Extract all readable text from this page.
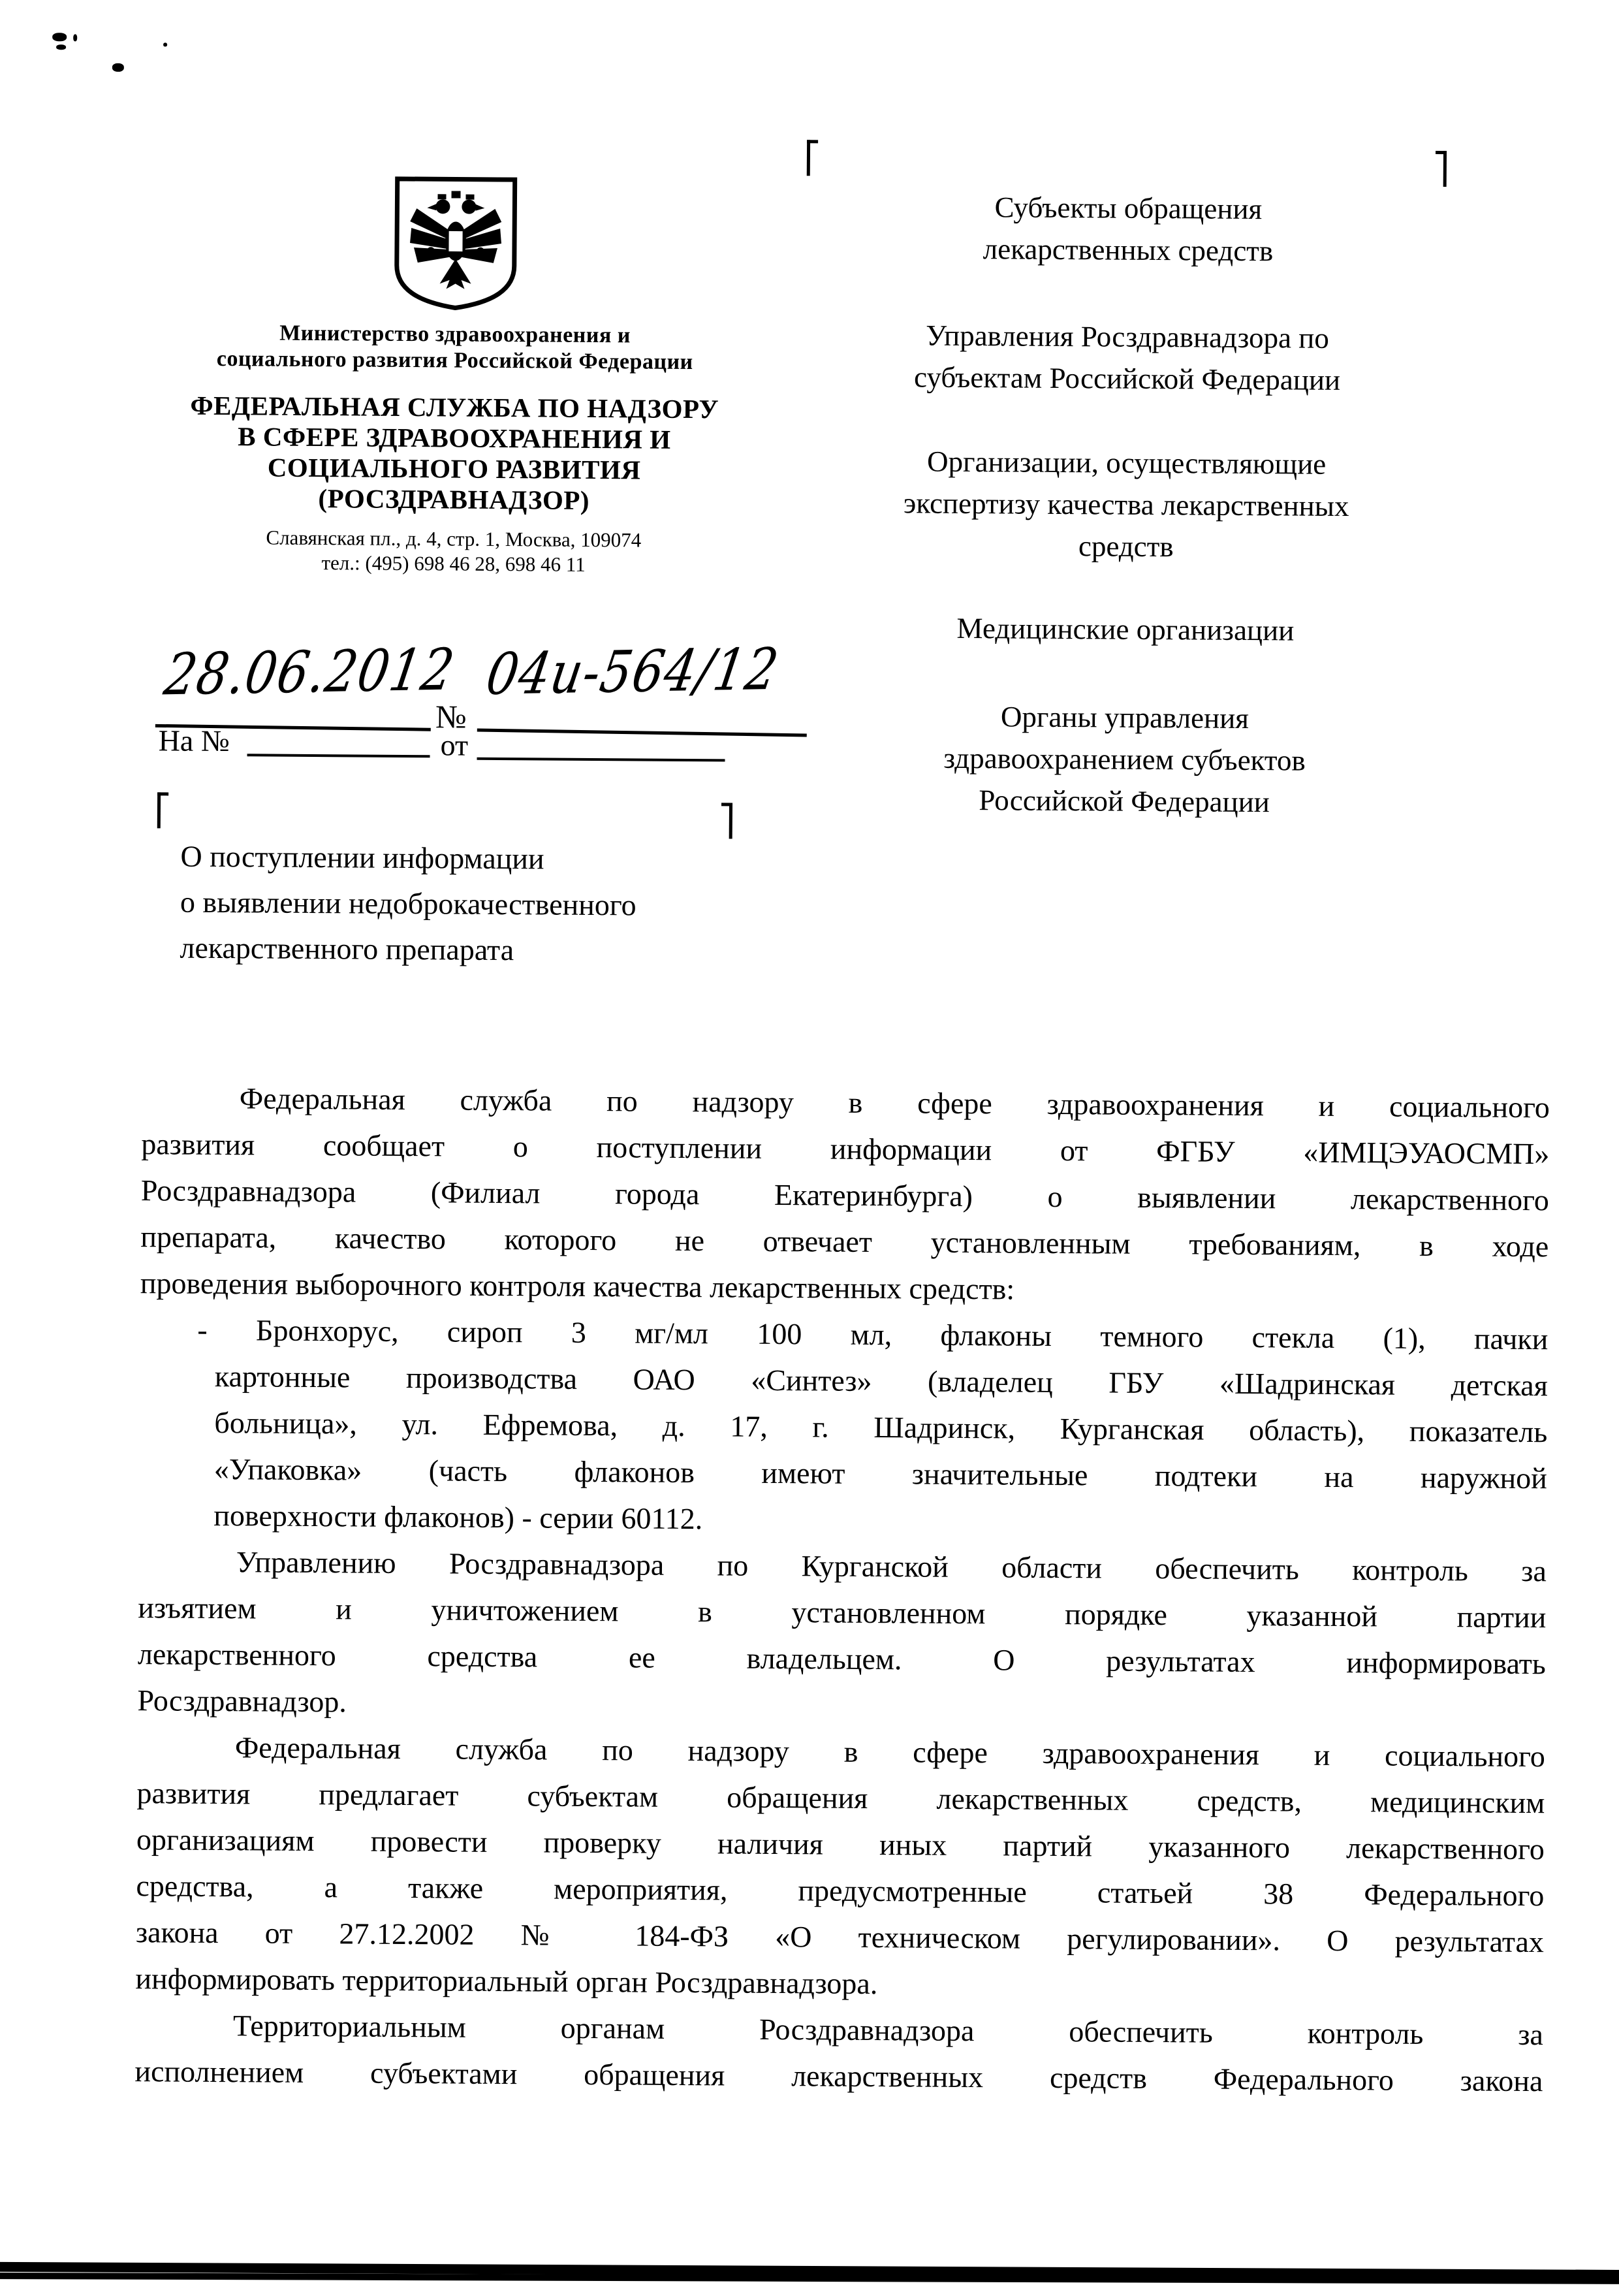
Министерство здравоохранения и
социального развития Российской Федерации
ФЕДЕРАЛЬНАЯ СЛУЖБА ПО НАДЗОРУ
В СФЕРЕ ЗДРАВООХРАНЕНИЯ И
СОЦИАЛЬНОГО РАЗВИТИЯ
(РОСЗДРАВНАДЗОР)
Славянская пл., д. 4, стр. 1, Москва, 109074
тел.: (495) 698 46 28, 698 46 11
28.06.2012
№
04и-564/12
На №	от
О поступлении информации
о выявлении недоброкачественного
лекарственного препарата
Субъекты обращения
лекарственных средств
Управления Росздравнадзора по
субъектам Российской Федерации
Организации, осуществляющие
экспертизу качества лекарственных
средств
Медицинские организации
Органы управления
здравоохранением субъектов
Российской Федерации
Федеральная служба по надзору в сфере здравоохранения и социального
развития сообщает о поступлении информации от ФГБУ «ИМЦЭУАОСМП»
Росздравнадзора (Филиал города Екатеринбурга) о выявлении лекарственного
препарата, качество которого не отвечает установленным требованиям, в ходе
проведения выборочного контроля качества лекарственных средств:
- Бронхорус, сироп 3 мг/мл 100 мл, флаконы темного стекла (1), пачки
картонные производства ОАО «Синтез» (владелец ГБУ «Шадринская детская
больница», ул. Ефремова, д. 17, г. Шадринск, Курганская область), показатель
«Упаковка» (часть флаконов имеют значительные подтеки на наружной
поверхности флаконов) - серии 60112.
Управлению Росздравнадзора по Курганской области обеспечить контроль за
изъятием и уничтожением в установленном порядке указанной партии
лекарственного средства ее владельцем. О результатах информировать
Росздравнадзор.
Федеральная служба по надзору в сфере здравоохранения и социального
развития предлагает субъектам обращения лекарственных средств, медицинским
организациям провести проверку наличия иных партий указанного лекарственного
средства, а также мероприятия, предусмотренные статьей 38 Федерального
закона от 27.12.2002 № 184-ФЗ «О техническом регулировании». О результатах
информировать территориальный орган Росздравнадзора.
Территориальным органам Росздравнадзора обеспечить контроль за
исполнением субъектами обращения лекарственных средств Федерального закона
